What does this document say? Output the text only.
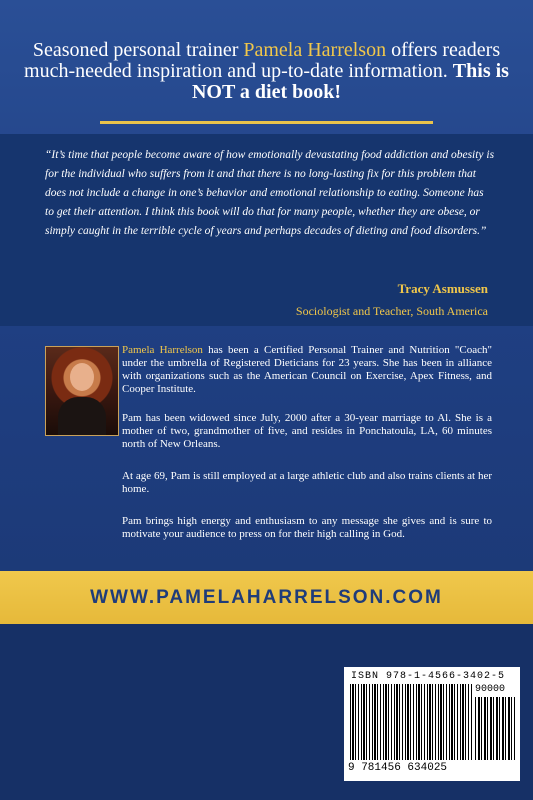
Seasoned personal trainer Pamela Harrelson offers readers much-needed inspiration and up-to-date information. This is NOT a diet book!
“It’s time that people become aware of how emotionally devastating food addiction and obesity is for the individual who suffers from it and that there is no long-lasting fix for this problem that does not include a change in one’s behavior and emotional relationship to eating. Someone has to get their attention. I think this book will do that for many people, whether they are obese, or simply caught in the terrible cycle of years and perhaps decades of dieting and food disorders.”
Tracy Asmussen
Sociologist and Teacher, South America

Pamela Harrelson has been a Certified Personal Trainer and Nutrition "Coach" under the umbrella of Registered Dieticians for 23 years. She has been in alliance with organizations such as the American Council on Exercise, Apex Fitness, and Cooper Institute.

Pam has been widowed since July, 2000 after a 30-year marriage to Al. She is a mother of two, grandmother of five, and resides in Ponchatoula, LA, 60 minutes north of New Orleans.

At age 69, Pam is still employed at a large athletic club and also trains clients at her home.

Pam brings high energy and enthusiasm to any message she gives and is sure to motivate your audience to press on for their high calling in God.

WWW.PAMELAHARRELSON.COM
ISBN 978-1-4566-3402-5
90000
9 781456 634025
